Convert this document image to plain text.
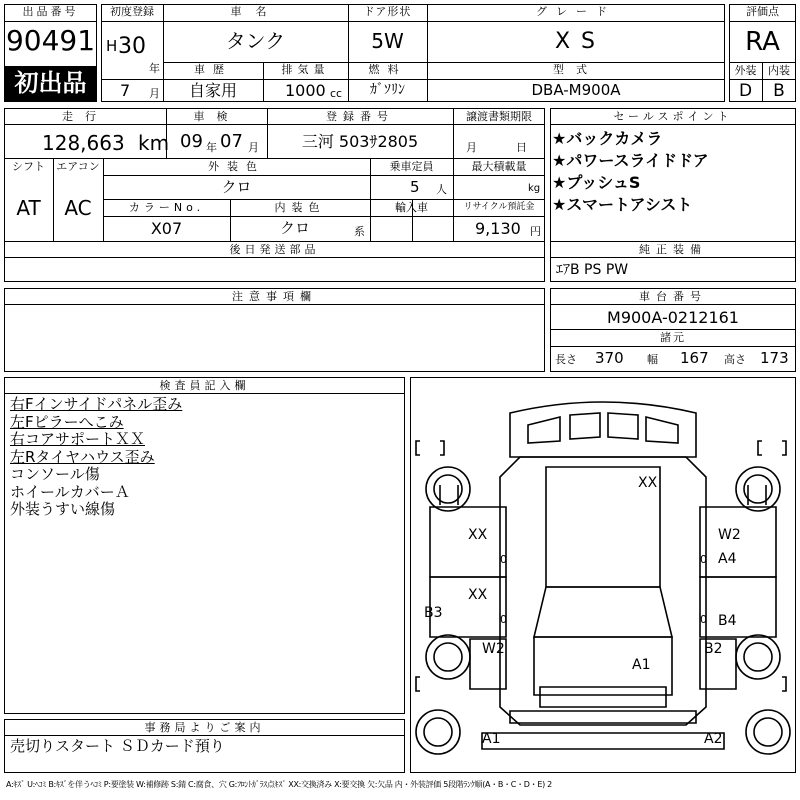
出品番号
90491
初出品
初度登録
H 30
年
7 月
車名
タンク
ドア形状
5W
グレード
X S
車歴
自家用
排気量
1000 cc
燃料
ｶﾞｿﾘﾝ
型式
DBA-M900A
評価点
RA
外装	内装
D	B
走行
128,663 km
車検
09 年 07 月
登録番号
三河 503ｻ2805
譲渡書類期限
月	日
シフト	エアコン
AT	AC
外装色
クロ
乗車定員
5 人
最大積載量
kg
カラーNo.
X07
内装色
クロ	系
輸入車	リサイクル預託金
9,130 円
後日発送部品
セールスポイント
★バックカメラ
★パワースライドドア
★プッシュS
★スマートアシスト
純正装備
ｴｱB PS PW
注意事項欄	車台番号
M900A-0212161
諸元
長さ 370 幅 167 高さ 173
検査員記入欄
右Fインサイドパネル歪み
左Fピラーへこみ
右コアサポートＸＸ
左Rタイヤハウス歪み
コンソール傷
ホイールカバーＡ
外装うすい線傷
事務局よりご案内
売切りスタート ＳＤカード預り
XX
XX
XX
W2
A4
B3	B4
W2	B2
A1
A1	A2
0
0
0
0
A:ｷｽﾞ U:ﾍｺﾐ B:ｷｽﾞを伴うﾍｺﾐ P:要塗装 W:補修跡 S:錆 C:腐食、穴 G:ﾌﾛﾝﾄｶﾞﾗｽ点ｷｽﾞ XX:交換済み X:要交換 欠:欠品 内・外装評価 5段階ﾗﾝｸ順(A・B・C・D・E) 2
